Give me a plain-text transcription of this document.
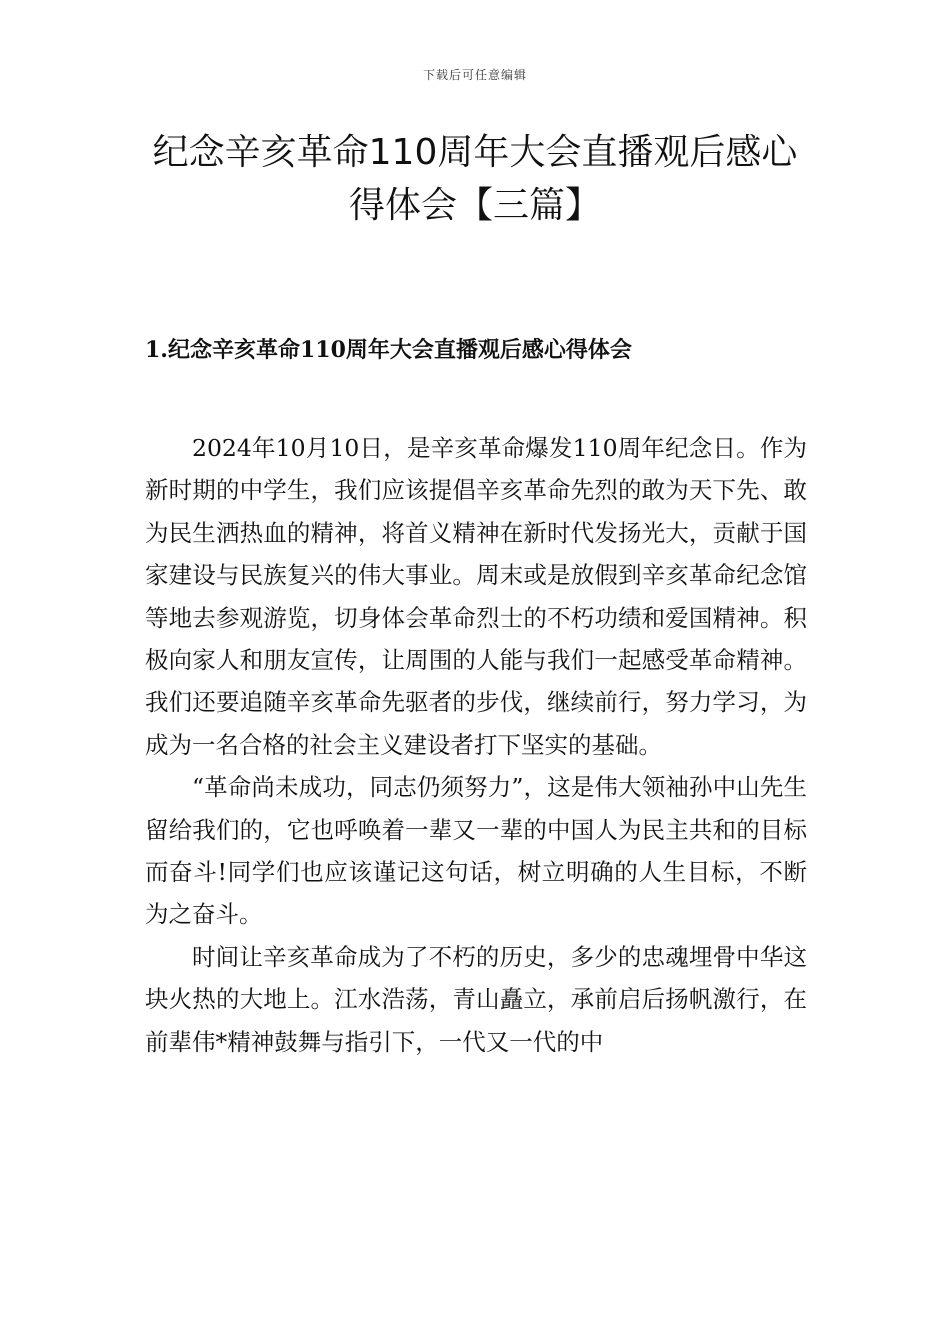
下载后可任意编辑
纪念辛亥革命110周年大会直播观后感心
得体会【三篇】
1.纪念辛亥革命110周年大会直播观后感心得体会

2024年10月10日，是辛亥革命爆发110周年纪念日。作为新时期的中学生，我们应该提倡辛亥革命先烈的敢为天下先、敢为民生洒热血的精神，将首义精神在新时代发扬光大，贡献于国家建设与民族复兴的伟大事业。周末或是放假到辛亥革命纪念馆等地去参观游览，切身体会革命烈士的不朽功绩和爱国精神。积极向家人和朋友宣传，让周围的人能与我们一起感受革命精神。我们还要追随辛亥革命先驱者的步伐，继续前行，努力学习，为成为一名合格的社会主义建设者打下坚实的基础。

“革命尚未成功，同志仍须努力”，这是伟大领袖孙中山先生留给我们的，它也呼唤着一辈又一辈的中国人为民主共和的目标而奋斗!同学们也应该谨记这句话，树立明确的人生目标，不断为之奋斗。

时间让辛亥革命成为了不朽的历史，多少的忠魂埋骨中华这块火热的大地上。江水浩荡，青山矗立，承前启后扬帆激行，在前辈伟*精神鼓舞与指引下，一代又一代的中
